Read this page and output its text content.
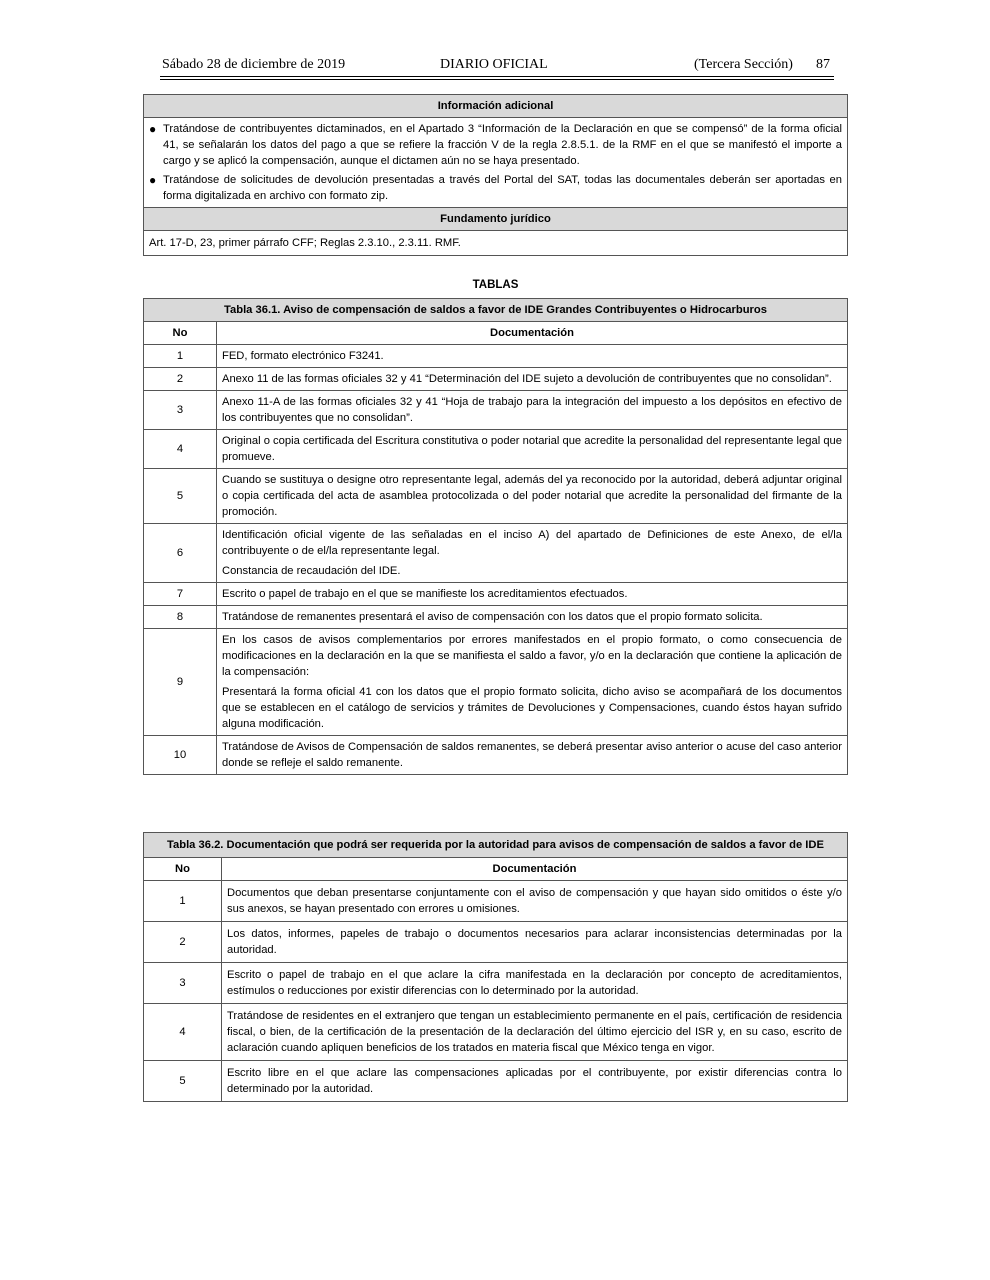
Sábado 28 de diciembre de 2019	DIARIO OFICIAL	(Tercera Sección) 87
Información adicional

● Tratándose de contribuyentes dictaminados, en el Apartado 3 “Información de la Declaración en que se compensó” de la forma oficial 41, se señalarán los datos del pago a que se refiere la fracción V de la regla 2.8.5.1. de la RMF en el que se manifestó el importe a cargo y se aplicó la compensación, aunque el dictamen aún no se haya presentado.
● Tratándose de solicitudes de devolución presentadas a través del Portal del SAT, todas las documentales deberán ser aportadas en forma digitalizada en archivo con formato zip.

Fundamento jurídico
Art. 17-D, 23, primer párrafo CFF; Reglas 2.3.10., 2.3.11. RMF.
TABLAS
Tabla 36.1. Aviso de compensación de saldos a favor de IDE Grandes Contribuyentes o Hidrocarburos	
No	Documentación
1	FED, formato electrónico F3241.

2	Anexo 11 de las formas oficiales 32 y 41 “Determinación del IDE sujeto a devolución de contribuyentes que no consolidan”.

3	Anexo 11-A de las formas oficiales 32 y 41 “Hoja de trabajo para la integración del impuesto a los depósitos en efectivo de los contribuyentes que no consolidan”.

4	Original o copia certificada del Escritura constitutiva o poder notarial que acredite la personalidad del representante legal que promueve.

5	Cuando se sustituya o designe otro representante legal, además del ya reconocido por la autoridad, deberá adjuntar original o copia certificada del acta de asamblea protocolizada o del poder notarial que acredite la personalidad del firmante de la promoción.

6	Identificación oficial vigente de las señaladas en el inciso A) del apartado de Definiciones de este Anexo, de el/la contribuyente o de el/la representante legal.

Constancia de recaudación del IDE.

7	Escrito o papel de trabajo en el que se manifieste los acreditamientos efectuados.

8	Tratándose de remanentes presentará el aviso de compensación con los datos que el propio formato solicita.

9	En los casos de avisos complementarios por errores manifestados en el propio formato, o como consecuencia de modificaciones en la declaración en la que se manifiesta el saldo a favor, y/o en la declaración que contiene la aplicación de la compensación:

Presentará la forma oficial 41 con los datos que el propio formato solicita, dicho aviso se acompañará de los documentos que se establecen en el catálogo de servicios y trámites de Devoluciones y Compensaciones, cuando éstos hayan sufrido alguna modificación.

10	Tratándose de Avisos de Compensación de saldos remanentes, se deberá presentar aviso anterior o acuse del caso anterior donde se refleje el saldo remanente.

Tabla 36.2. Documentación que podrá ser requerida por la autoridad para avisos de compensación de saldos a favor de IDE	
No	Documentación
1	Documentos que deban presentarse conjuntamente con el aviso de compensación y que hayan sido omitidos o éste y/o sus anexos, se hayan presentado con errores u omisiones.

2	Los datos, informes, papeles de trabajo o documentos necesarios para aclarar inconsistencias determinadas por la autoridad.

3	Escrito o papel de trabajo en el que aclare la cifra manifestada en la declaración por concepto de acreditamientos, estímulos o reducciones por existir diferencias con lo determinado por la autoridad.

4	Tratándose de residentes en el extranjero que tengan un establecimiento permanente en el país, certificación de residencia fiscal, o bien, de la certificación de la presentación de la declaración del último ejercicio del ISR y, en su caso, escrito de aclaración cuando apliquen beneficios de los tratados en materia fiscal que México tenga en vigor.

5	Escrito libre en el que aclare las compensaciones aplicadas por el contribuyente, por existir diferencias contra lo determinado por la autoridad.
